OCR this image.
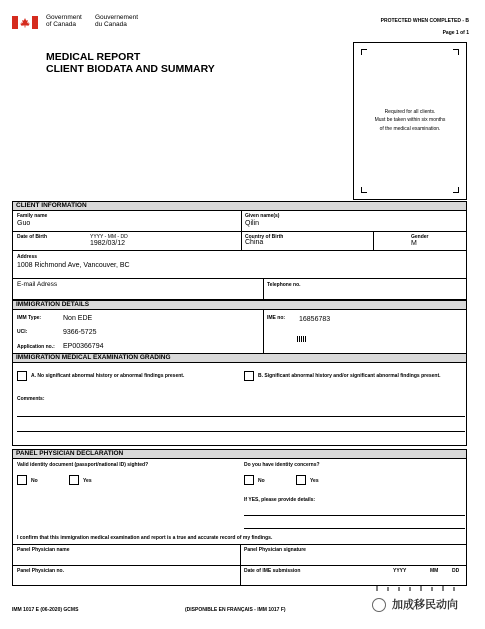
Government
of Canada
Gouvernement
du Canada	PROTECTED WHEN COMPLETED - B
Page 1 of 1
MEDICAL REPORT
CLIENT BIODATA AND SUMMARY
Required for all clients.
Must be taken within six months
of the medical examination.
CLIENT INFORMATION
Family name
Guo
Given name(s)
Qilin
Date of Birth	YYYY - MM - DD
1982/03/12
Country of Birth
China
Gender
M
Address
1008 Richmond Ave, Vancouver, BC
E-mail Adress	Telephone no.
IMMIGRATION DETAILS
IMM Type:	Non EDE
UCI:	9366-5725
Application no.: EP00366794
IME no: 16856783
IMMIGRATION MEDICAL EXAMINATION GRADING
A. No significant abnormal history or abnormal findings present.	B. Significant abnormal history and/or significant abnormal findings present.
Comments:
PANEL PHYSICIAN DECLARATION
Valid identity document (passport/national ID) sighted?
No	Yes
Do you have identity concerns?
No	Yes
If YES, please provide details:
I confirm that this immigration medical examination and report is a true and accurate record of my findings.
Panel Physician name	Panel Physician signature
Panel Physician no.	Date of IME submission	YYYY	MM	DD
IMM 1017 E (06-2020) GCMS	(DISPONIBLE EN FRANÇAIS - IMM 1017 F)	加成移民动向
